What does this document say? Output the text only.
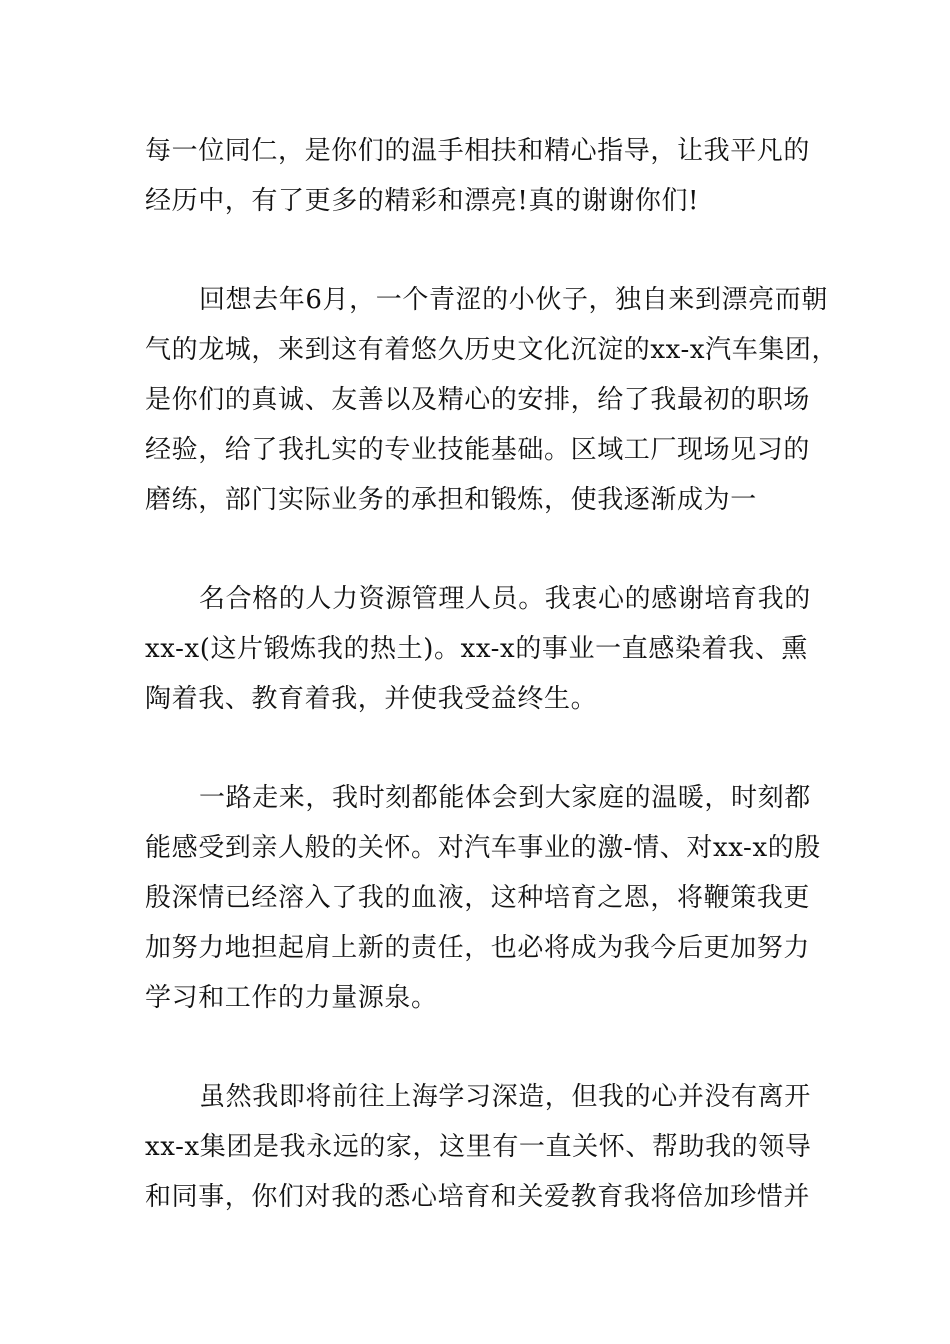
每一位同仁，是你们的温手相扶和精心指导，让我平凡的
经历中，有了更多的精彩和漂亮!真的谢谢你们!
回想去年6月，一个青涩的小伙子，独自来到漂亮而朝
气的龙城，来到这有着悠久历史文化沉淀的xx-x汽车集团，
是你们的真诚、友善以及精心的安排，给了我最初的职场
经验，给了我扎实的专业技能基础。区域工厂现场见习的
磨练，部门实际业务的承担和锻炼，使我逐渐成为一
名合格的人力资源管理人员。我衷心的感谢培育我的
xx-x(这片锻炼我的热土)。xx-x的事业一直感染着我、熏
陶着我、教育着我，并使我受益终生。
一路走来，我时刻都能体会到大家庭的温暖，时刻都
能感受到亲人般的关怀。对汽车事业的激-情、对xx-x的殷
殷深情已经溶入了我的血液，这种培育之恩，将鞭策我更
加努力地担起肩上新的责任，也必将成为我今后更加努力
学习和工作的力量源泉。
虽然我即将前往上海学习深造，但我的心并没有离开
xx-x集团是我永远的家，这里有一直关怀、帮助我的领导
和同事，你们对我的悉心培育和关爱教育我将倍加珍惜并
